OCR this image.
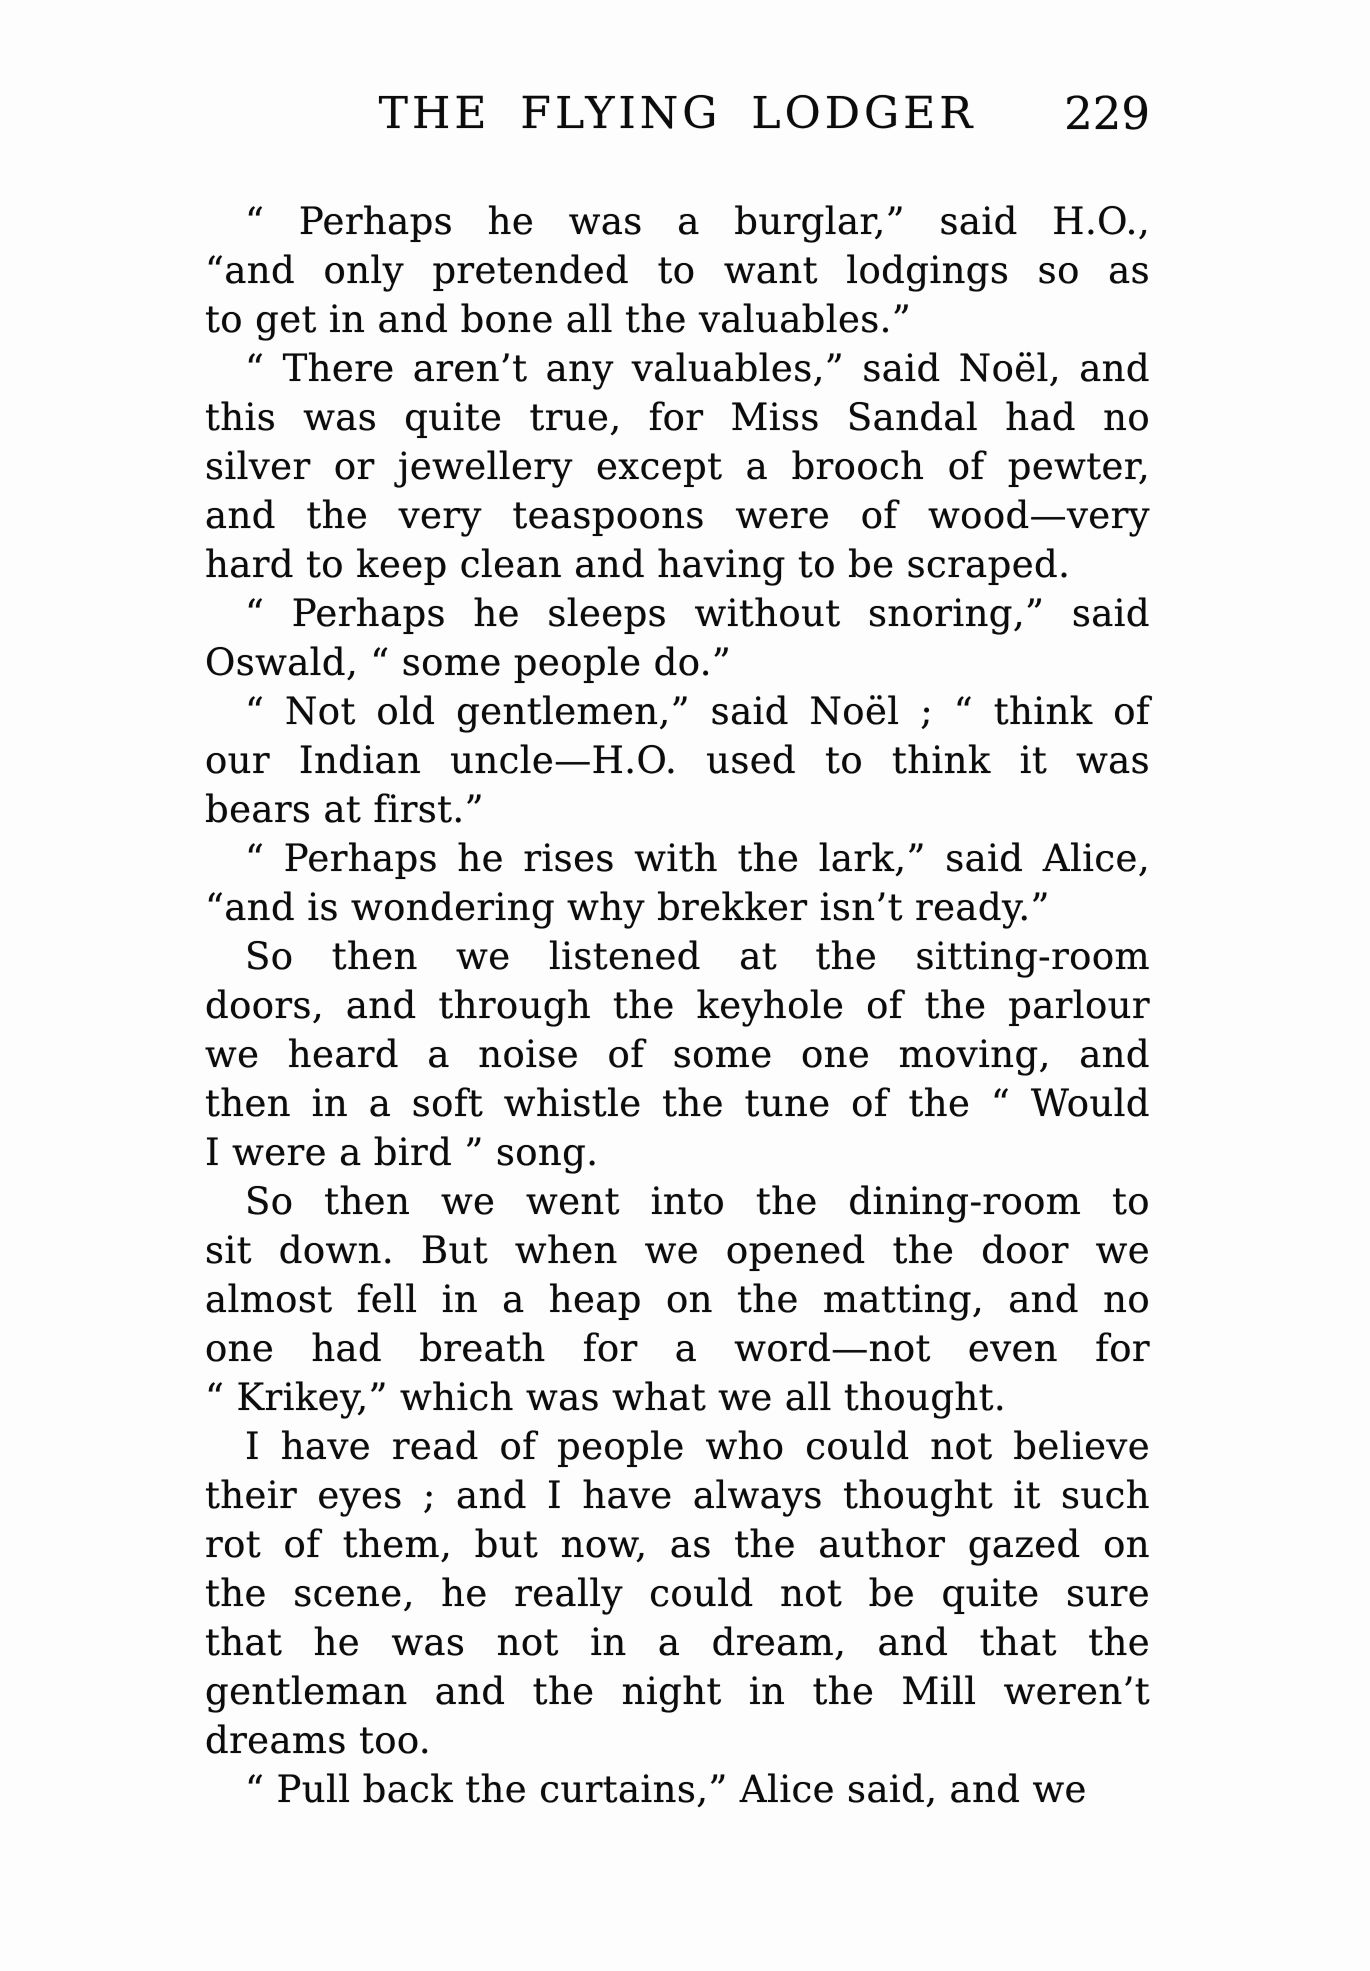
THE FLYING LODGER	229
“ Perhaps he was a burglar,” said H.O.,
“and only pretended to want lodgings so as
to get in and bone all the valuables.”
“ There aren’t any valuables,” said Noël, and
this was quite true, for Miss Sandal had no
silver or jewellery except a brooch of pewter,
and the very teaspoons were of wood—very
hard to keep clean and having to be scraped.
“ Perhaps he sleeps without snoring,” said
Oswald, “ some people do.”
“ Not old gentlemen,” said Noël ; “ think of
our Indian uncle—H.O. used to think it was
bears at first.”
“ Perhaps he rises with the lark,” said Alice,
“and is wondering why brekker isn’t ready.”
So then we listened at the sitting-room
doors, and through the keyhole of the parlour
we heard a noise of some one moving, and
then in a soft whistle the tune of the “ Would
I were a bird ” song.
So then we went into the dining-room to
sit down. But when we opened the door we
almost fell in a heap on the matting, and no
one had breath for a word—not even for
“ Krikey,” which was what we all thought.
I have read of people who could not believe
their eyes ; and I have always thought it such
rot of them, but now, as the author gazed on
the scene, he really could not be quite sure
that he was not in a dream, and that the
gentleman and the night in the Mill weren’t
dreams too.
“ Pull back the curtains,” Alice said, and we
